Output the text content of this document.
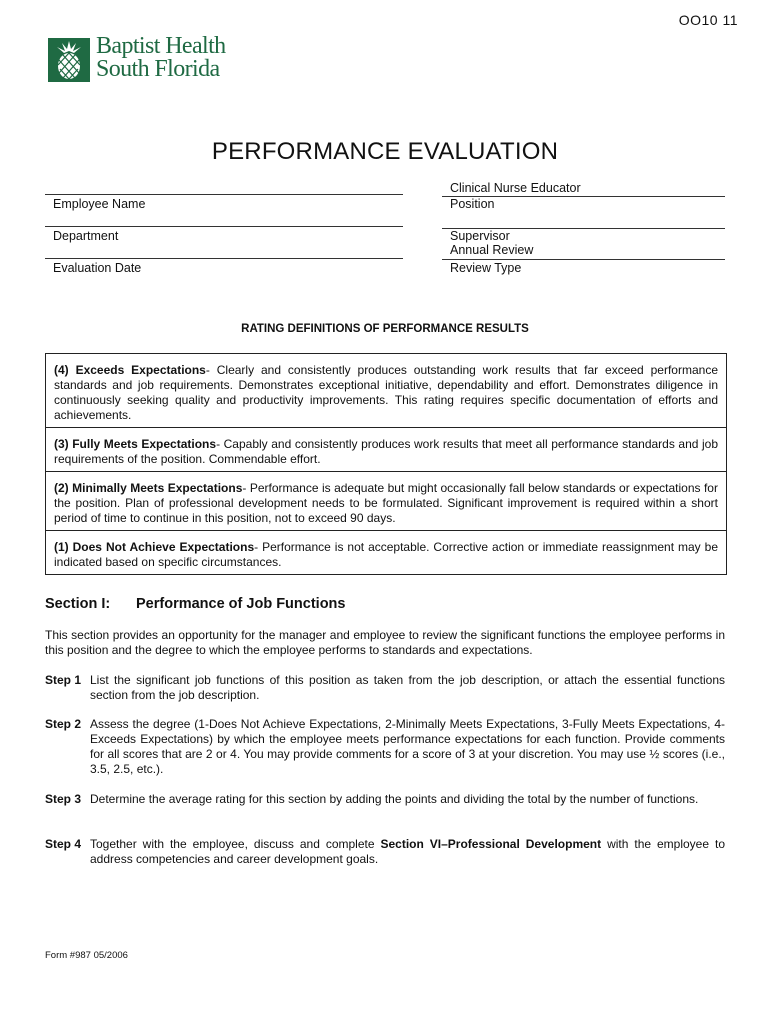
OO10 11
Baptist Health
South Florida
PERFORMANCE EVALUATION
Employee Name
Department
Evaluation Date
Clinical Nurse Educator
Position
Supervisor
Annual Review
Review Type
RATING DEFINITIONS OF PERFORMANCE RESULTS
(4) Exceeds Expectations- Clearly and consistently produces outstanding work results that far exceed performance standards and job requirements. Demonstrates exceptional initiative, dependability and effort. Demonstrates diligence in continuously seeking quality and productivity improvements. This rating requires specific documentation of efforts and achievements.
(3) Fully Meets Expectations- Capably and consistently produces work results that meet all performance standards and job requirements of the position. Commendable effort.
(2) Minimally Meets Expectations- Performance is adequate but might occasionally fall below standards or expectations for the position. Plan of professional development needs to be formulated. Significant improvement is required within a short period of time to continue in this position, not to exceed 90 days.
(1) Does Not Achieve Expectations- Performance is not acceptable. Corrective action or immediate reassignment may be indicated based on specific circumstances.
Section I: Performance of Job Functions
This section provides an opportunity for the manager and employee to review the significant functions the employee performs in this position and the degree to which the employee performs to standards and expectations.
Step 1 List the significant job functions of this position as taken from the job description, or attach the essential functions section from the job description.
Step 2 Assess the degree (1-Does Not Achieve Expectations, 2-Minimally Meets Expectations, 3-Fully Meets Expectations, 4-Exceeds Expectations) by which the employee meets performance expectations for each function. Provide comments for all scores that are 2 or 4. You may provide comments for a score of 3 at your discretion. You may use ½ scores (i.e., 3.5, 2.5, etc.).
Step 3 Determine the average rating for this section by adding the points and dividing the total by the number of functions.
Step 4 Together with the employee, discuss and complete Section VI–Professional Development with the employee to address competencies and career development goals.
Form #987 05/2006
